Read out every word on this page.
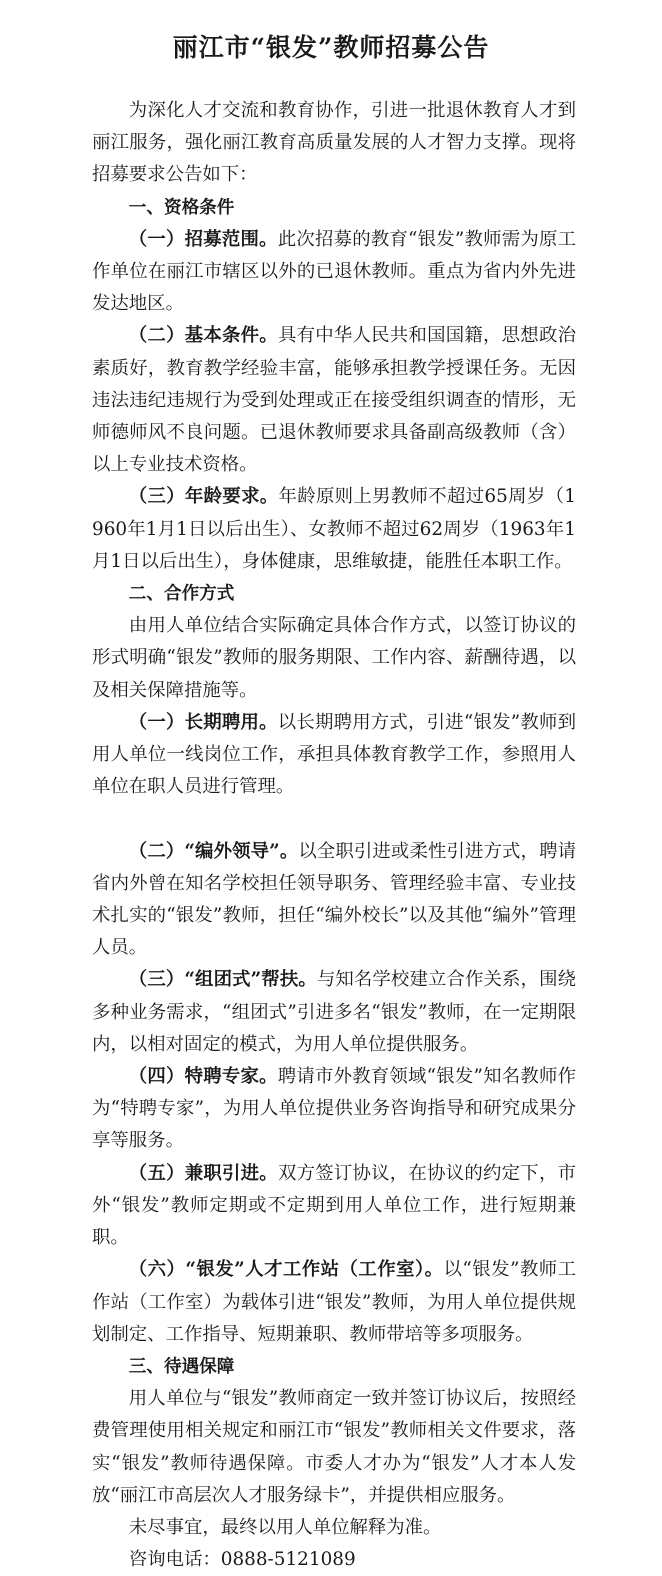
丽江市“银发”教师招募公告

为深化人才交流和教育协作，引进一批退休教育人才到丽江服务，强化丽江教育高质量发展的人才智力支撑。现将招募要求公告如下：

一、资格条件

（一）招募范围。此次招募的教育“银发”教师需为原工作单位在丽江市辖区以外的已退休教师。重点为省内外先进发达地区。

（二）基本条件。具有中华人民共和国国籍，思想政治素质好，教育教学经验丰富，能够承担教学授课任务。无因违法违纪违规行为受到处理或正在接受组织调查的情形，无师德师风不良问题。已退休教师要求具备副高级教师（含）以上专业技术资格。

（三）年龄要求。年龄原则上男教师不超过65周岁（1960年1月1日以后出生）、女教师不超过62周岁（1963年1月1日以后出生），身体健康，思维敏捷，能胜任本职工作。

二、合作方式

由用人单位结合实际确定具体合作方式，以签订协议的形式明确“银发”教师的服务期限、工作内容、薪酬待遇，以及相关保障措施等。

（一）长期聘用。以长期聘用方式，引进“银发”教师到用人单位一线岗位工作，承担具体教育教学工作，参照用人单位在职人员进行管理。

（二）“编外领导”。以全职引进或柔性引进方式，聘请省内外曾在知名学校担任领导职务、管理经验丰富、专业技术扎实的“银发”教师，担任“编外校长”以及其他“编外”管理人员。

（三）“组团式”帮扶。与知名学校建立合作关系，围绕多种业务需求，“组团式”引进多名“银发”教师，在一定期限内，以相对固定的模式，为用人单位提供服务。

（四）特聘专家。聘请市外教育领域“银发”知名教师作为“特聘专家”，为用人单位提供业务咨询指导和研究成果分享等服务。

（五）兼职引进。双方签订协议，在协议的约定下，市外“银发”教师定期或不定期到用人单位工作，进行短期兼职。

（六）“银发”人才工作站（工作室）。以“银发”教师工作站（工作室）为载体引进“银发”教师，为用人单位提供规划制定、工作指导、短期兼职、教师带培等多项服务。

三、待遇保障

用人单位与“银发”教师商定一致并签订协议后，按照经费管理使用相关规定和丽江市“银发”教师相关文件要求，落实“银发”教师待遇保障。市委人才办为“银发”人才本人发放“丽江市高层次人才服务绿卡”，并提供相应服务。

未尽事宜，最终以用人单位解释为准。

咨询电话：0888-5121089
